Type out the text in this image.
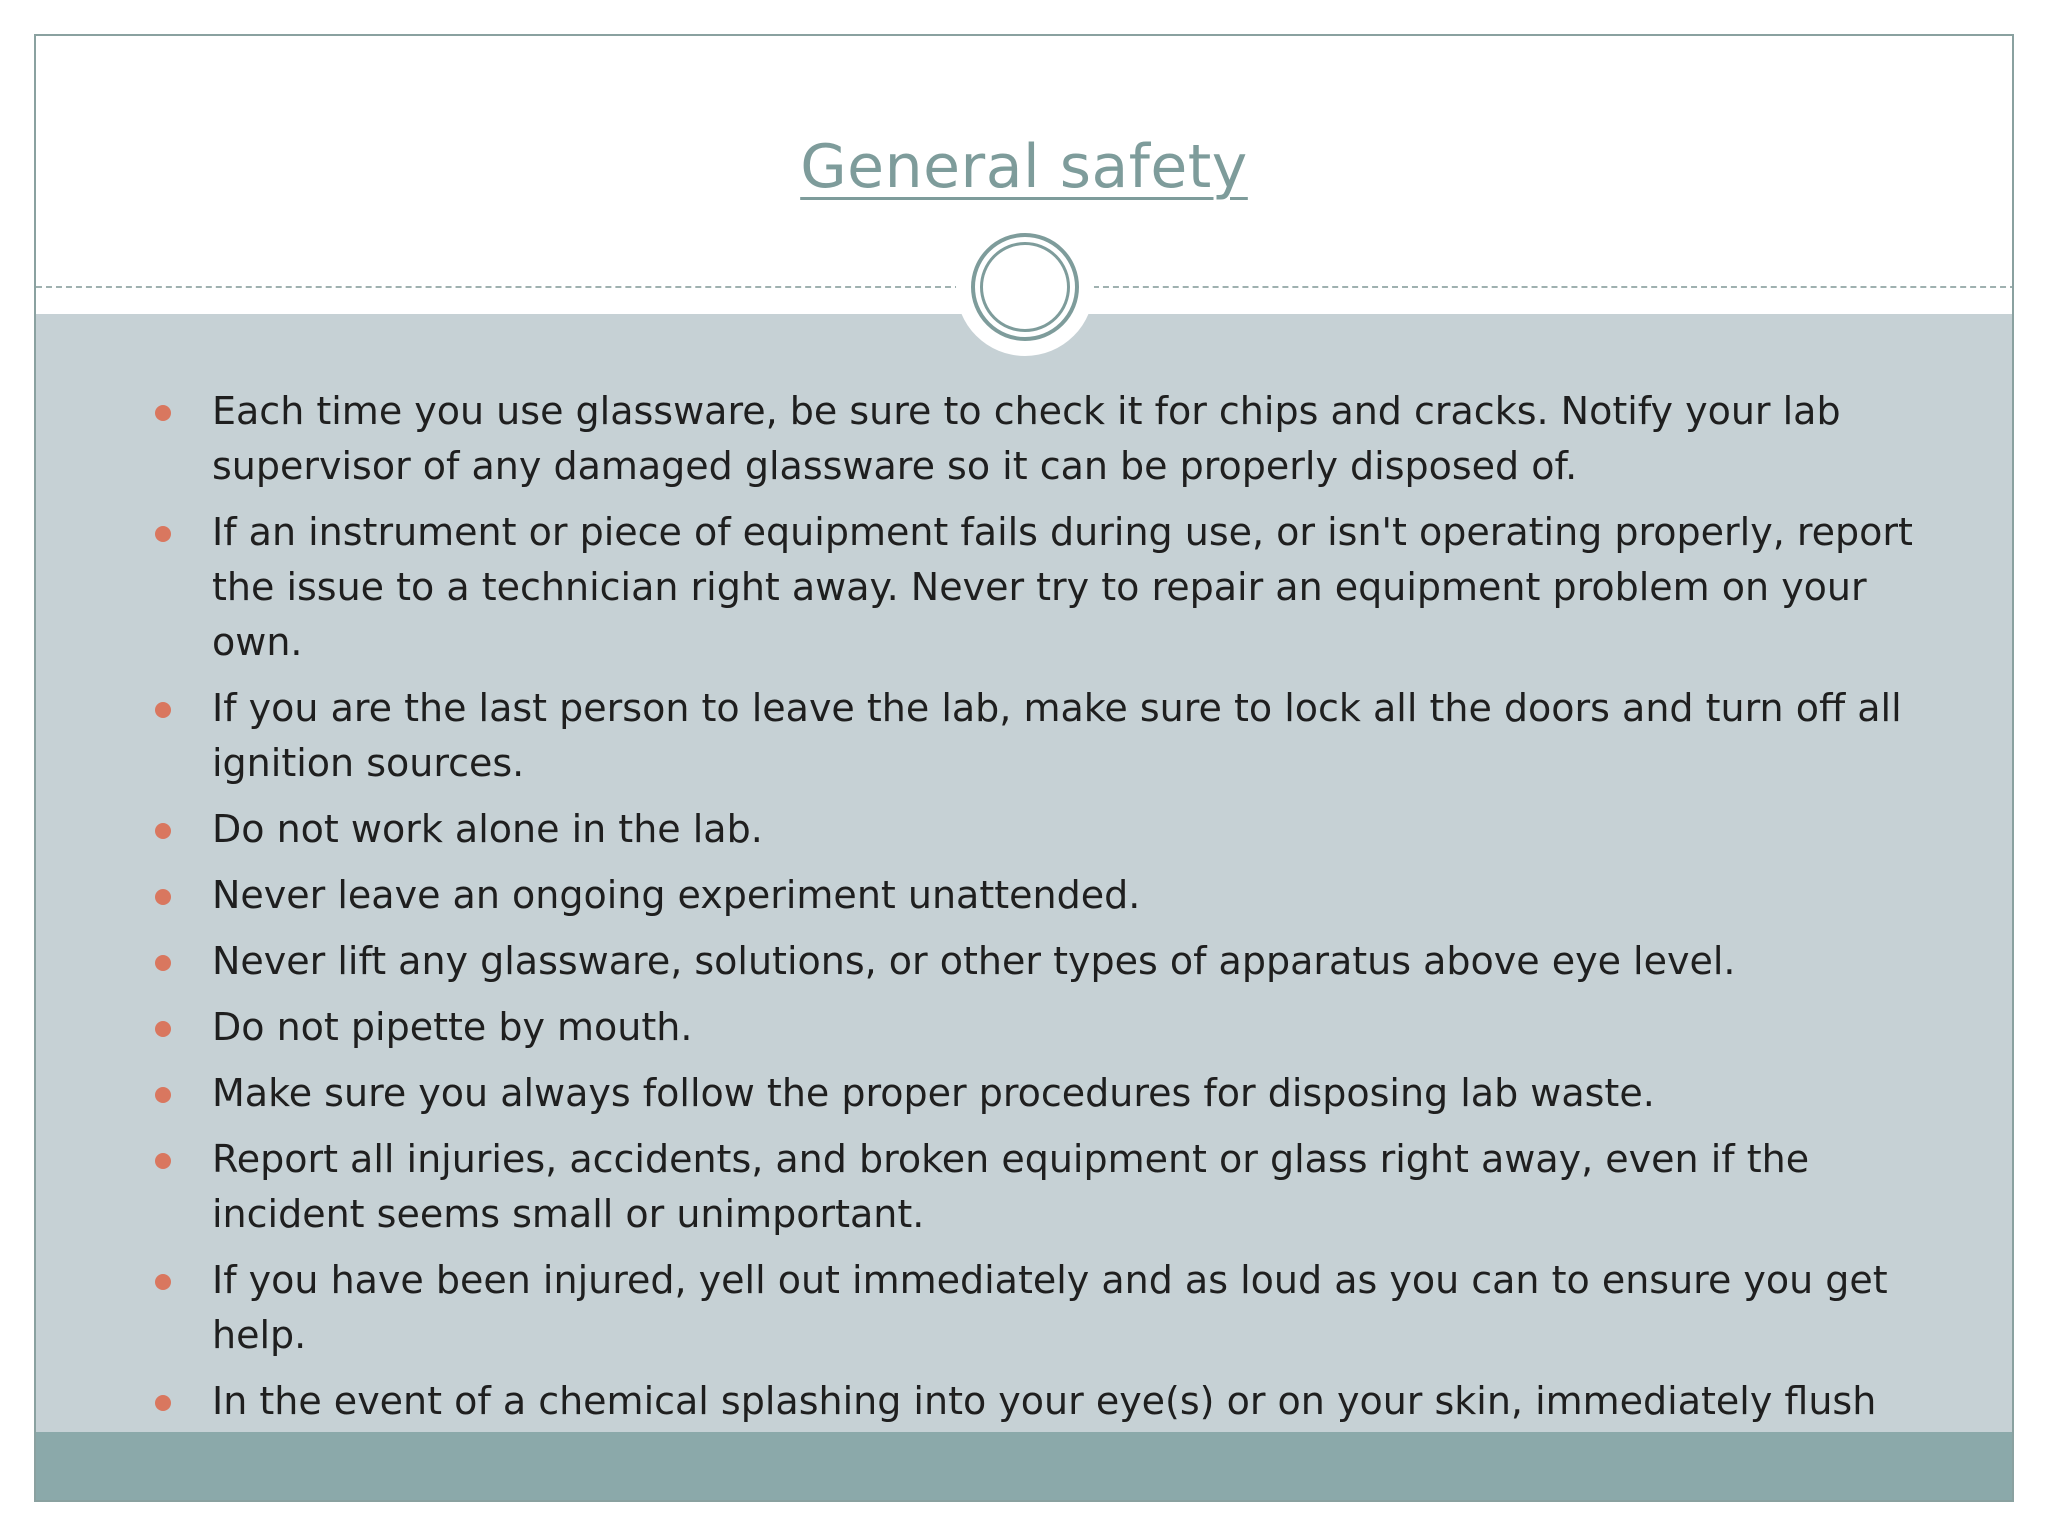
General safety
Each time you use glassware, be sure to check it for chips and cracks. Notify your lab supervisor of any damaged glassware so it can be properly disposed of.
If an instrument or piece of equipment fails during use, or isn't operating properly, report the issue to a technician right away. Never try to repair an equipment problem on your own.
If you are the last person to leave the lab, make sure to lock all the doors and turn off all ignition sources.
Do not work alone in the lab.
Never leave an ongoing experiment unattended.
Never lift any glassware, solutions, or other types of apparatus above eye level.
Do not pipette by mouth.
Make sure you always follow the proper procedures for disposing lab waste.
Report all injuries, accidents, and broken equipment or glass right away, even if the incident seems small or unimportant.
If you have been injured, yell out immediately and as loud as you can to ensure you get help.
In the event of a chemical splashing into your eye(s) or on your skin, immediately flush
